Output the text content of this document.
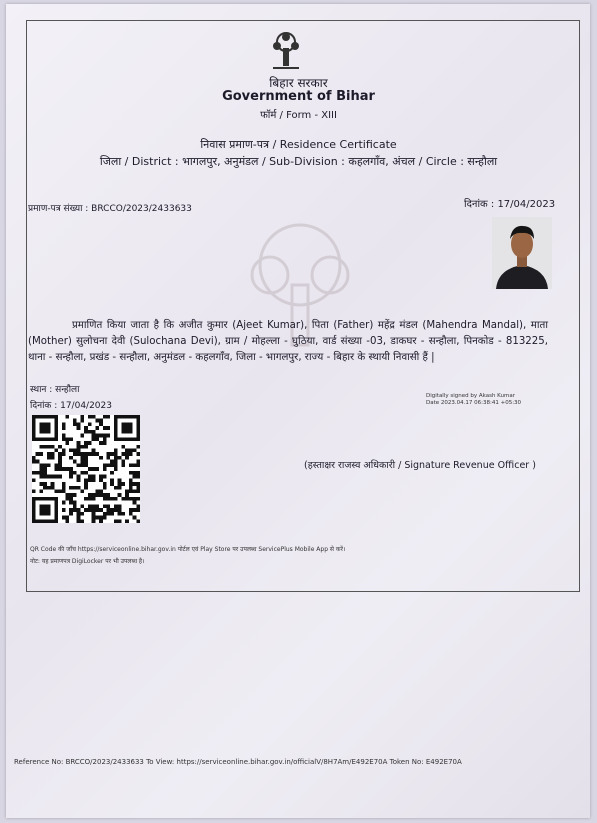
बिहार सरकार
Government of Bihar
फॉर्म / Form - XIII
निवास प्रमाण-पत्र / Residence Certificate
जिला / District : भागलपुर, अनुमंडल / Sub-Division : कहलगाँव, अंचल / Circle : सन्हौला
प्रमाण-पत्र संख्या : BRCCO/2023/2433633	दिनांक : 17/04/2023
प्रमाणित किया जाता है कि अजीत कुमार (Ajeet Kumar), पिता (Father) महेंद्र मंडल (Mahendra Mandal), माता (Mother) सुलोचना देवी (Sulochana Devi), ग्राम / मोहल्ला - घुठिया, वार्ड संख्या -03, डाकघर - सन्हौला, पिनकोड - 813225, थाना - सन्हौला, प्रखंड - सन्हौला, अनुमंडल - कहलगाँव, जिला - भागलपुर, राज्य - बिहार के स्थायी निवासी हैं |
स्थान : सन्हौला
दिनांक : 17/04/2023
Digitally signed by Akash Kumar
Date 2023.04.17 06:38:41 +05:30
(हस्ताक्षर राजस्व अधिकारी / Signature Revenue Officer )
QR Code की जाँच https://serviceonline.bihar.gov.in पोर्टल एवं Play Store पर उपलब्ध ServicePlus Mobile App से करें।
नोट: यह प्रमाणपत्र DigiLocker पर भी उपलब्ध है।
Reference No: BRCCO/2023/2433633 To View: https://serviceonline.bihar.gov.in/officialV/8H7Am/E492E70A Token No: E492E70A
